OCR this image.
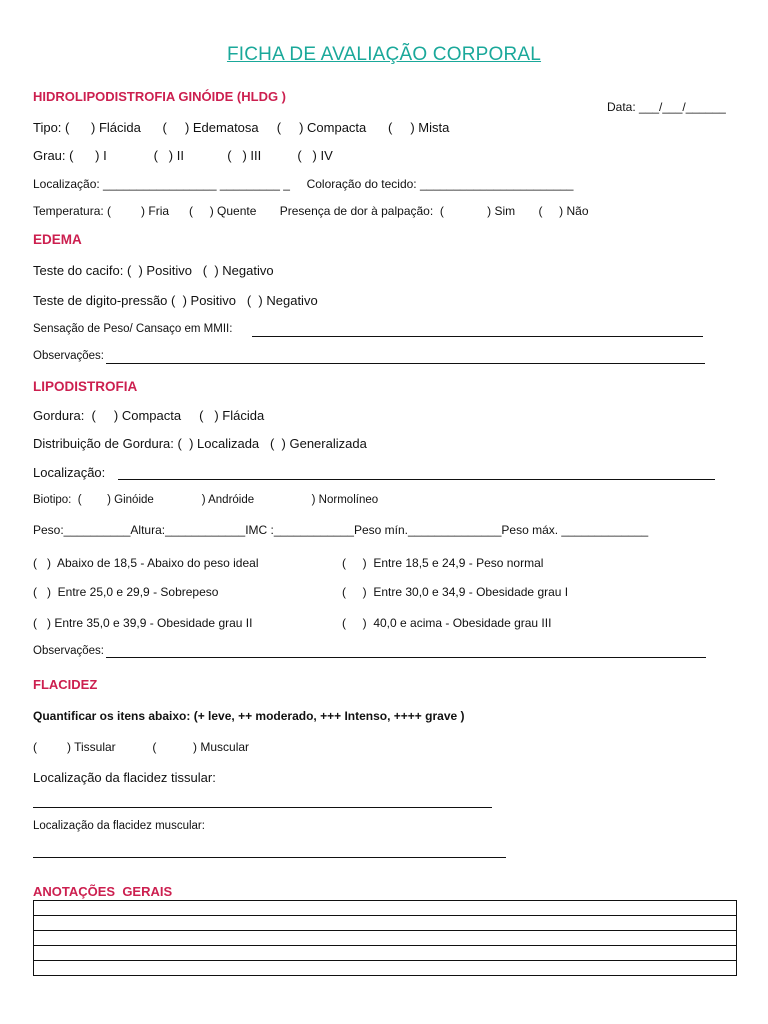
FICHA DE AVALIAÇÃO CORPORAL
HIDROLIPODISTROFIA GINÓIDE (HLDG )
Data: ___/___/______
Tipo: (      ) Flácida      (     ) Edematosa     (     ) Compacta      (     ) Mista
Grau: (      ) I             (   ) II            (   ) III          (   ) IV
Localização: _________________ _________ _     Coloração do tecido: _______________________
Temperatura: (         ) Fria      (     ) Quente       Presença de dor à palpação:  (             ) Sim       (     ) Não
EDEMA
Teste do cacifo: (  ) Positivo   (  ) Negativo
Teste de digito-pressão (  ) Positivo   (  ) Negativo
Sensação de Peso/ Cansaço em MMII:
Observações:
LIPODISTROFIA
Gordura:  (     ) Compacta     (   ) Flácida
Distribuição de Gordura: (  ) Localizada   (  ) Generalizada
Localização:
Biotipo:  (        ) Ginóide               ) Andróide                  ) Normolíneo
Peso:__________Altura:____________IMC :____________Peso mín.______________Peso máx. _____________
(   )  Abaixo de 18,5 - Abaixo do peso ideal	(     )  Entre 18,5 e 24,9 - Peso normal
(   )  Entre 25,0 e 29,9 - Sobrepeso	(     )  Entre 30,0 e 34,9 - Obesidade grau I
(   ) Entre 35,0 e 39,9 - Obesidade grau II	(     )  40,0 e acima - Obesidade grau III
Observações:
FLACIDEZ
Quantificar os itens abaixo: (+ leve, ++ moderado, +++ Intenso, ++++ grave )
(         ) Tissular           (           ) Muscular
Localização da flacidez tissular:
Localização da flacidez muscular:
ANOTAÇÕES  GERAIS
